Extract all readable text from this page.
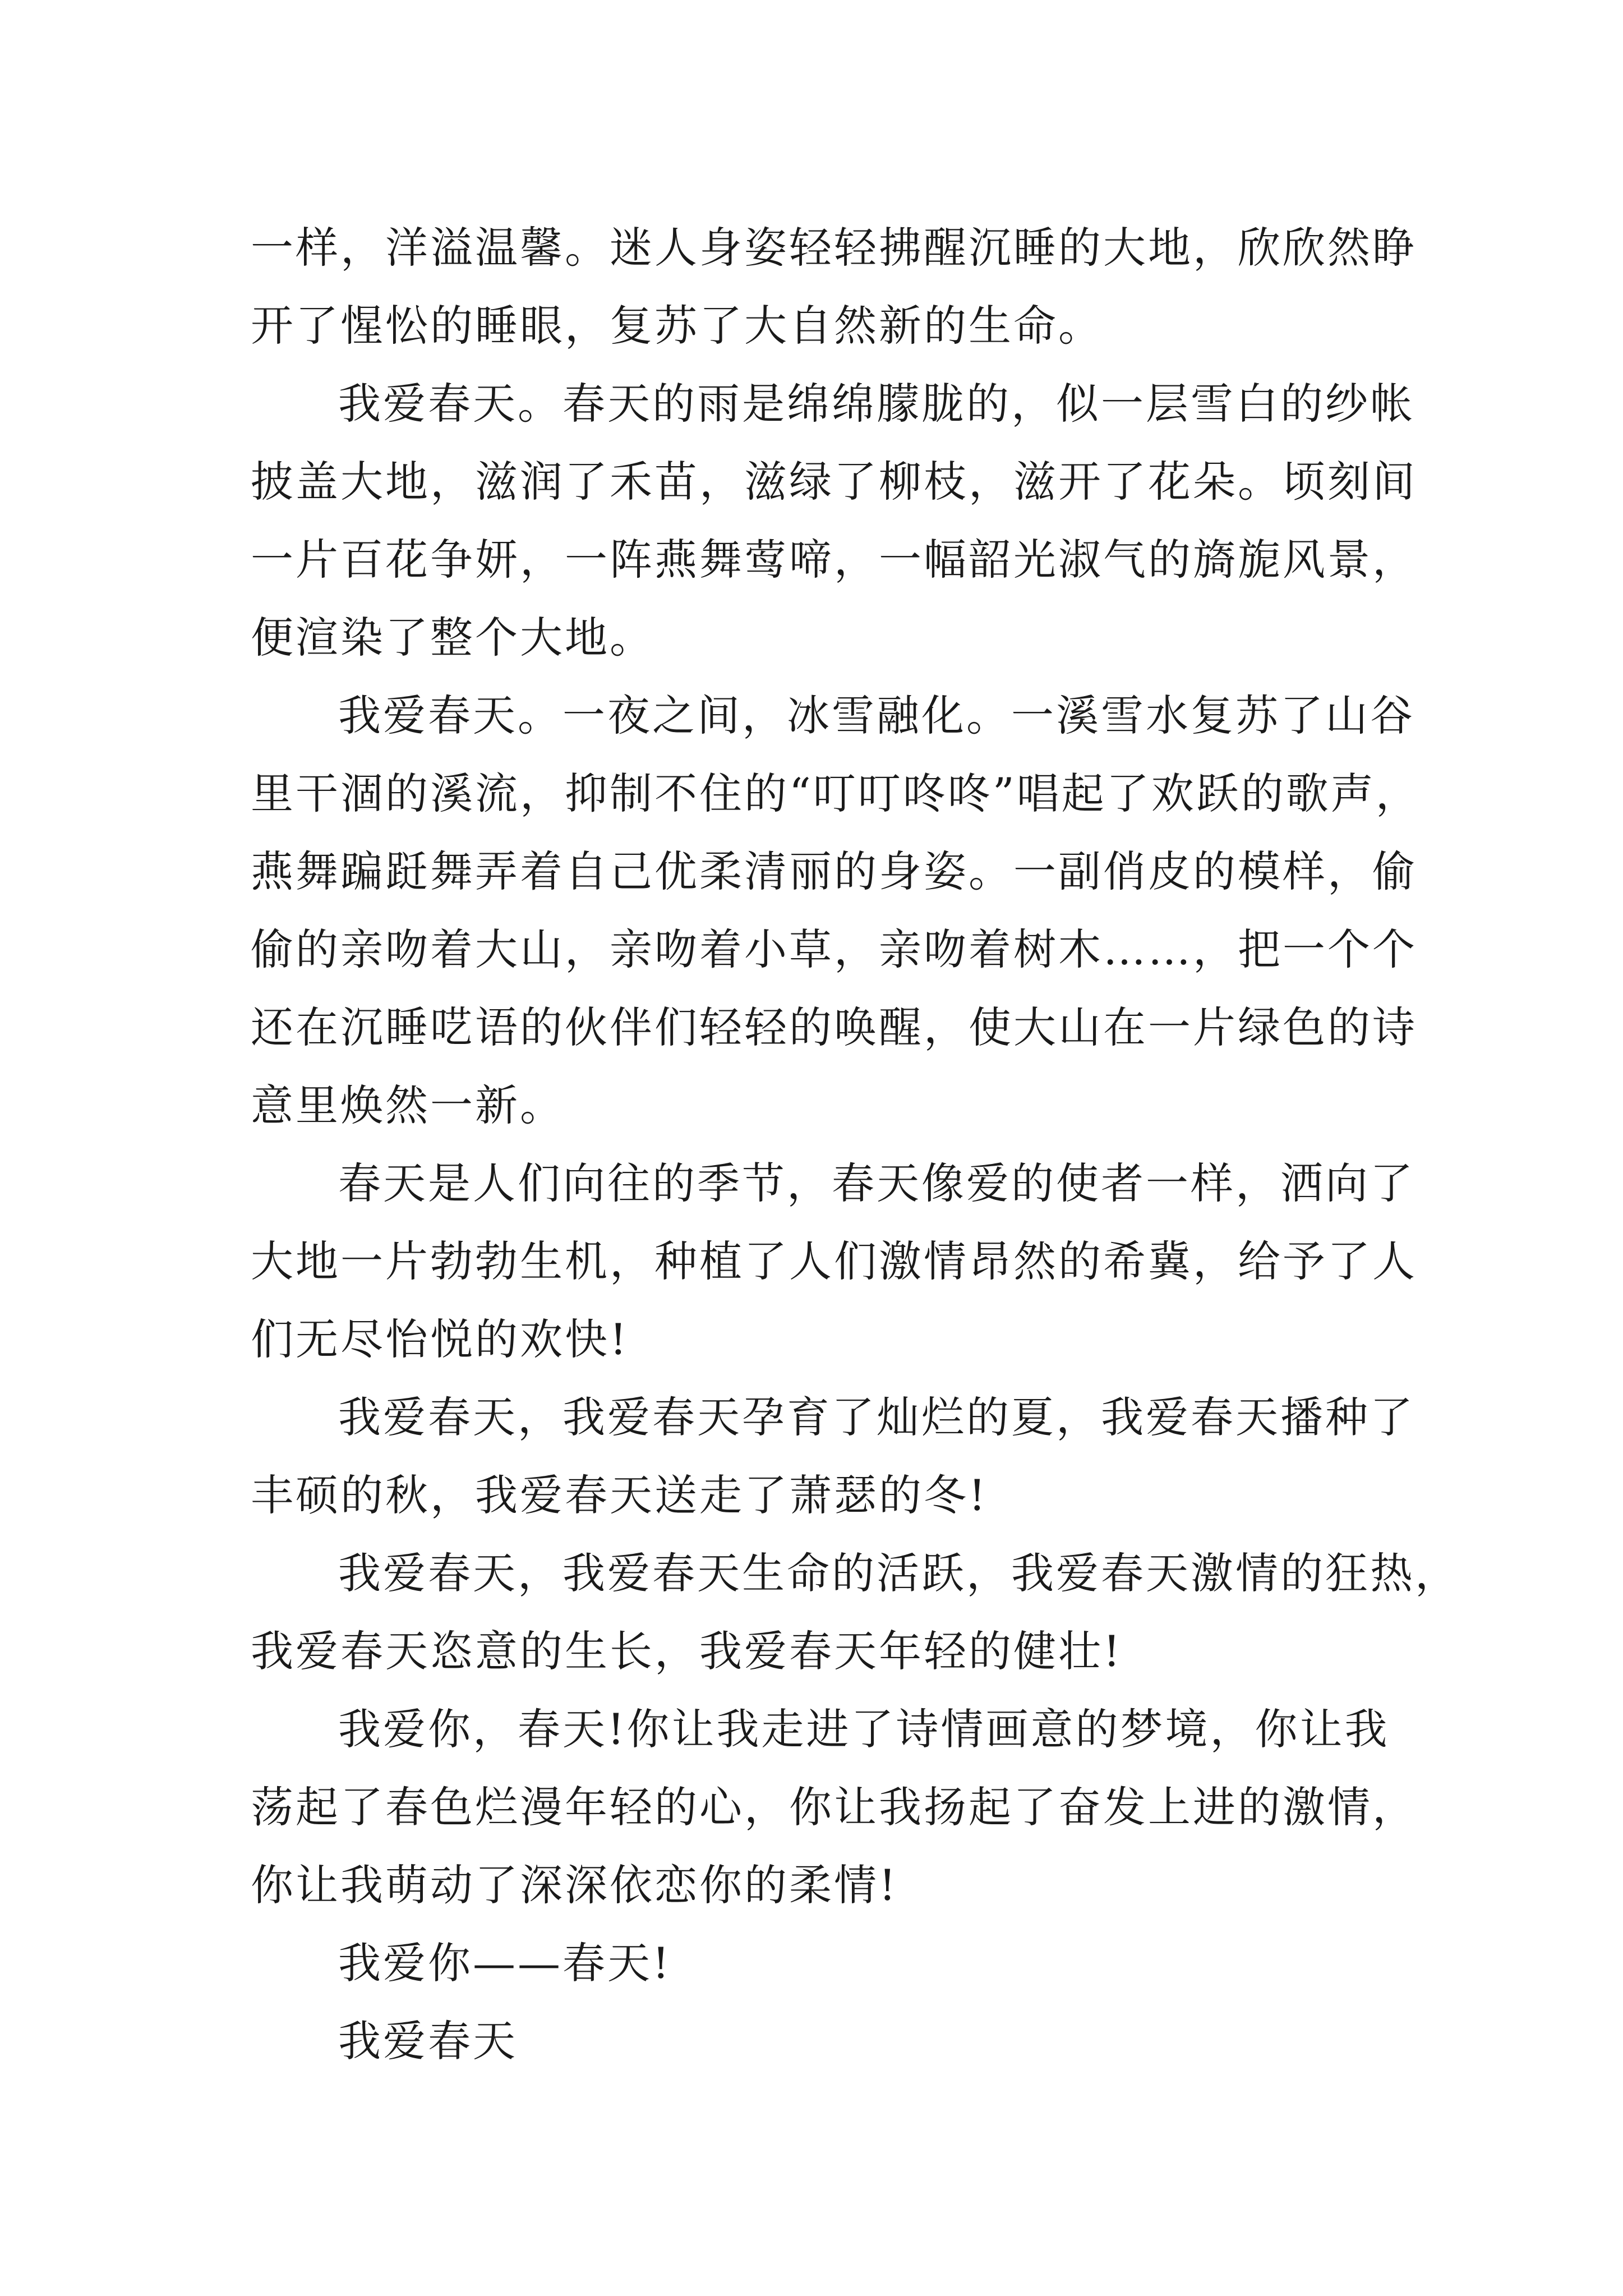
一样，洋溢温馨。迷人身姿轻轻拂醒沉睡的大地，欣欣然睁
开了惺忪的睡眼，复苏了大自然新的生命。
我爱春天。春天的雨是绵绵朦胧的，似一层雪白的纱帐
披盖大地，滋润了禾苗，滋绿了柳枝，滋开了花朵。顷刻间
一片百花争妍，一阵燕舞莺啼，一幅韶光淑气的旖旎风景，
便渲染了整个大地。
我爱春天。一夜之间，冰雪融化。一溪雪水复苏了山谷
里干涸的溪流，抑制不住的“叮叮咚咚”唱起了欢跃的歌声，
燕舞蹁跹舞弄着自己优柔清丽的身姿。一副俏皮的模样，偷
偷的亲吻着大山，亲吻着小草，亲吻着树木……，把一个个
还在沉睡呓语的伙伴们轻轻的唤醒，使大山在一片绿色的诗
意里焕然一新。
春天是人们向往的季节，春天像爱的使者一样，洒向了
大地一片勃勃生机，种植了人们激情昂然的希冀，给予了人
们无尽怡悦的欢快!
我爱春天，我爱春天孕育了灿烂的夏，我爱春天播种了
丰硕的秋，我爱春天送走了萧瑟的冬!
我爱春天，我爱春天生命的活跃，我爱春天激情的狂热，
我爱春天恣意的生长，我爱春天年轻的健壮!
我爱你，春天!你让我走进了诗情画意的梦境，你让我
荡起了春色烂漫年轻的心，你让我扬起了奋发上进的激情，
你让我萌动了深深依恋你的柔情!
我爱你——春天!
我爱春天
